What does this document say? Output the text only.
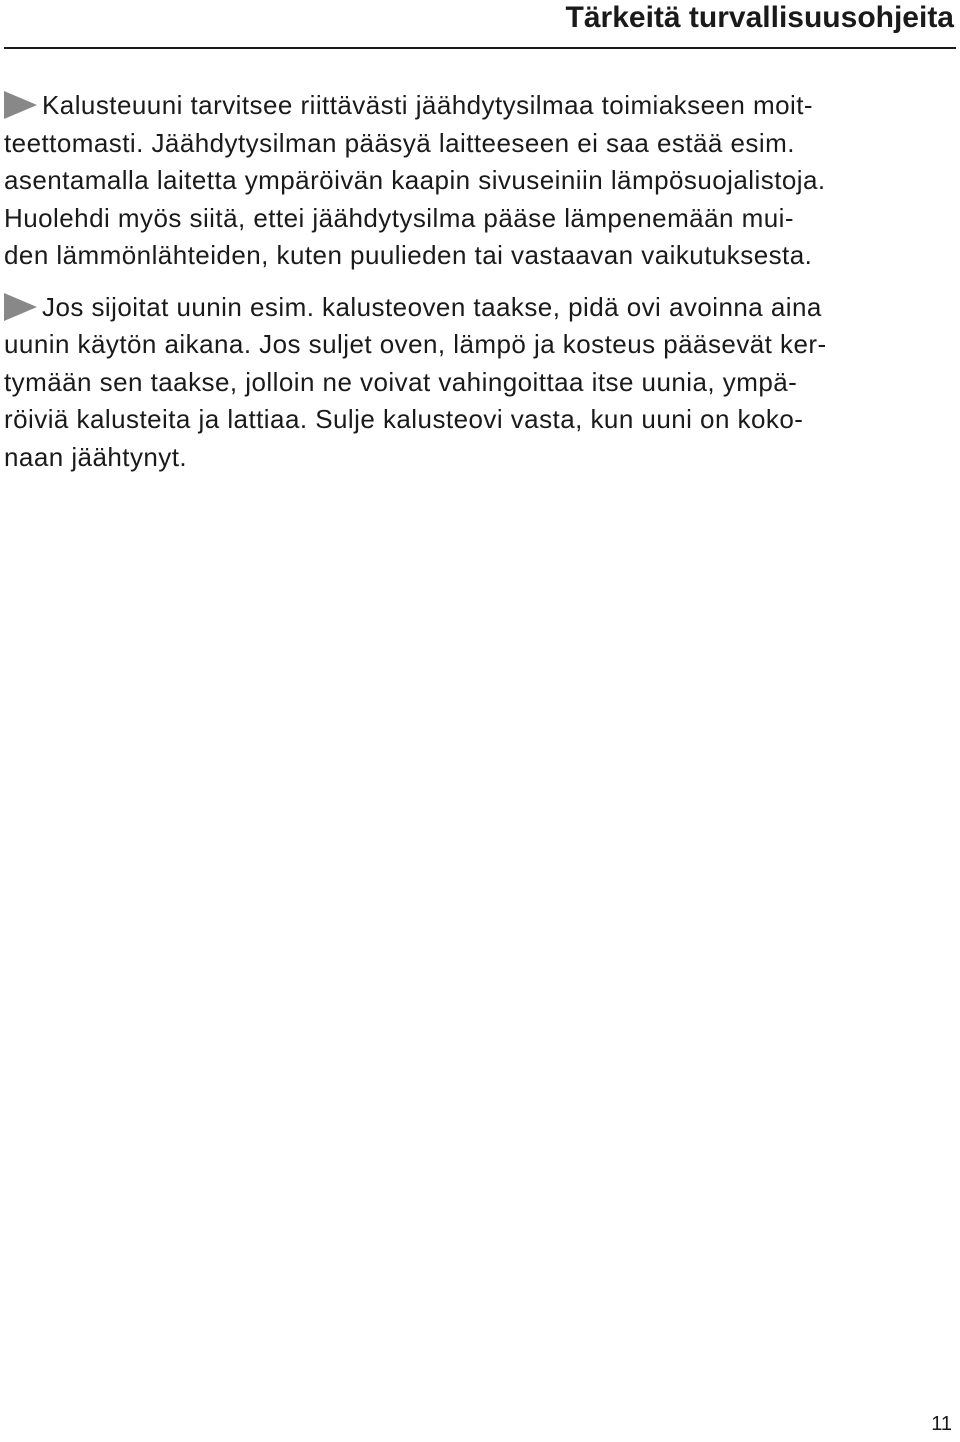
Tärkeitä turvallisuusohjeita

Kalusteuuni tarvitsee riittävästi jäähdytysilmaa toimiakseen moit-
teettomasti. Jäähdytysilman pääsyä laitteeseen ei saa estää esim.
asentamalla laitetta ympäröivän kaapin sivuseiniin lämpösuojalistoja.
Huolehdi myös siitä, ettei jäähdytysilma pääse lämpenemään mui-
den lämmönlähteiden, kuten puulieden tai vastaavan vaikutuksesta.

Jos sijoitat uunin esim. kalusteoven taakse, pidä ovi avoinna aina
uunin käytön aikana. Jos suljet oven, lämpö ja kosteus pääsevät ker-
tymään sen taakse, jolloin ne voivat vahingoittaa itse uunia, ympä-
röiviä kalusteita ja lattiaa. Sulje kalusteovi vasta, kun uuni on koko-
naan jäähtynyt.

11
